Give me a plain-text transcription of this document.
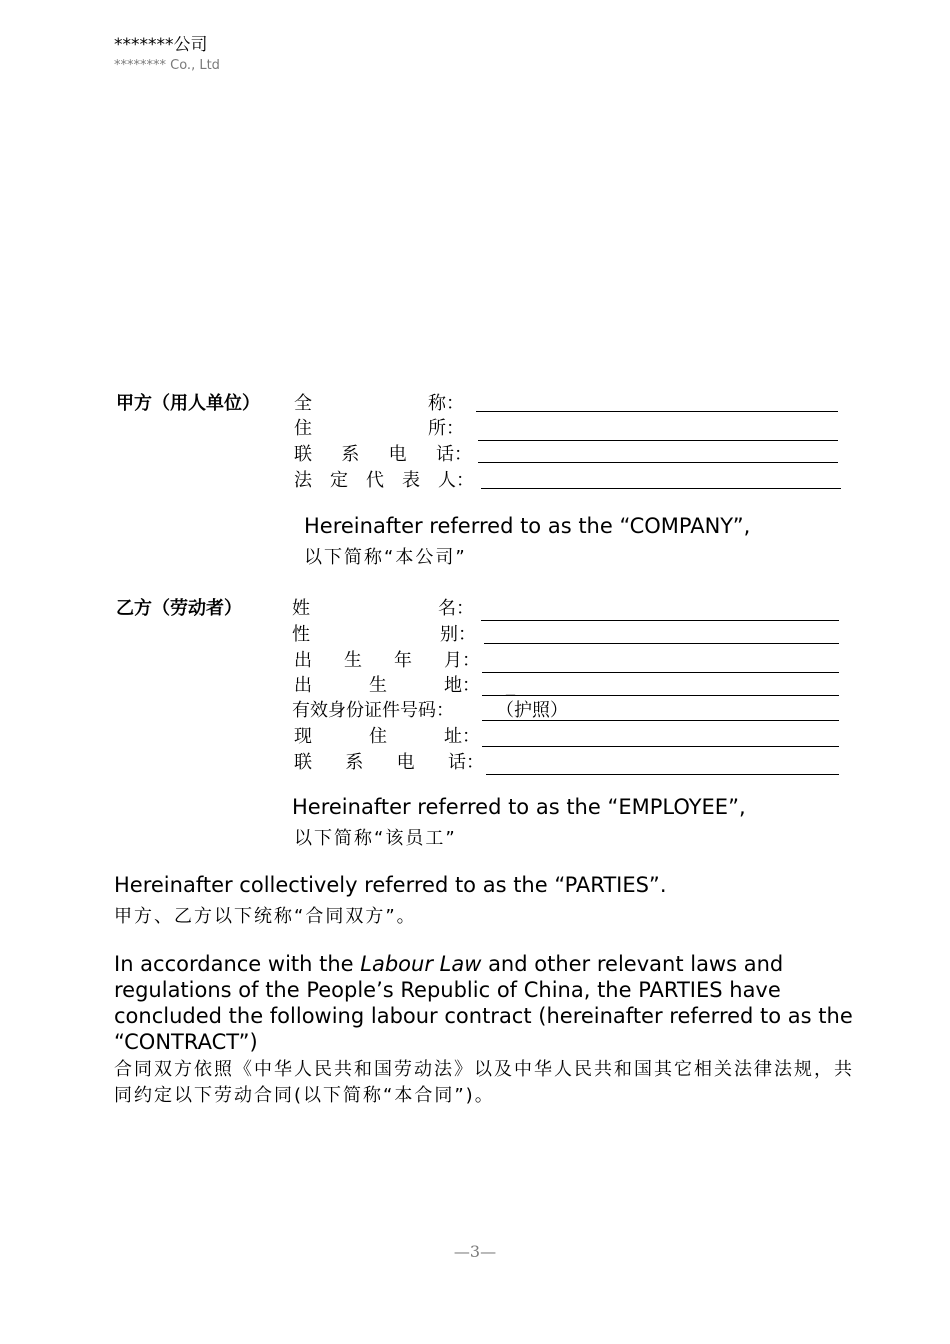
*******公司
******** Co., Ltd
甲方（用人单位） 全	称：
住	所：
联 系 电 话：
法 定 代 表 人：
Hereinafter referred to as the “COMPANY”,
以下简称“本公司”
乙方（劳动者）	姓	名：
性	别：
出 生 年 月：
出	生	地： _
有效身份证件号码： （护照）
现	住	址：
联 系 电 话：
Hereinafter referred to as the “EMPLOYEE”,
以下简称“该员工”
Hereinafter collectively referred to as the “PARTIES”.
甲方、乙方以下统称“合同双方”。
In accordance with the Labour Law and other relevant laws and regulations of the People’s Republic of China, the PARTIES have concluded the following labour contract (hereinafter referred to as the “CONTRACT”)
合同双方依照《中华人民共和国劳动法》以及中华人民共和国其它相关法律法规，共同约定以下劳动合同(以下简称“本合同”)。
—3—
